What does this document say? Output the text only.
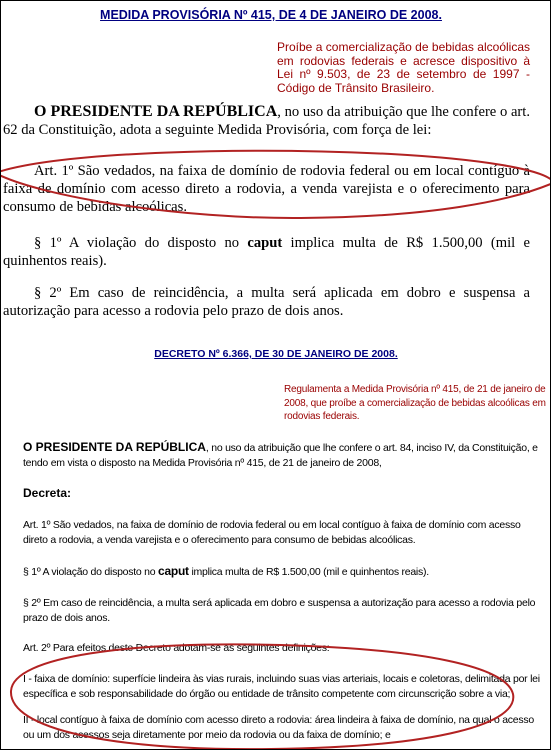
MEDIDA PROVISÓRIA Nº 415, DE 4 DE JANEIRO DE 2008.
Proíbe a comercialização de bebidas alcoólicas em rodovias federais e acresce dispositivo à Lei nº 9.503, de 23 de setembro de 1997 - Código de Trânsito Brasileiro.

O PRESIDENTE DA REPÚBLICA, no uso da atribuição que lhe confere o art. 62 da Constituição, adota a seguinte Medida Provisória, com força de lei:

Art. 1º São vedados, na faixa de domínio de rodovia federal ou em local contíguo à faixa de domínio com acesso direto a rodovia, a venda varejista e o oferecimento para consumo de bebidas alcoólicas.

§ 1º A violação do disposto no caput implica multa de R$ 1.500,00 (mil e quinhentos reais).

§ 2º Em caso de reincidência, a multa será aplicada em dobro e suspensa a autorização para acesso a rodovia pelo prazo de dois anos.

DECRETO Nº 6.366, DE 30 DE JANEIRO DE 2008.
Regulamenta a Medida Provisória nº 415, de 21 de janeiro de 2008, que proíbe a comercialização de bebidas alcoólicas em rodovias federais.

O PRESIDENTE DA REPÚBLICA, no uso da atribuição que lhe confere o art. 84, inciso IV, da Constituição, e tendo em vista o disposto na Medida Provisória nº 415, de 21 de janeiro de 2008,

Decreta:

Art. 1º São vedados, na faixa de domínio de rodovia federal ou em local contíguo à faixa de domínio com acesso direto a rodovia, a venda varejista e o oferecimento para consumo de bebidas alcoólicas.

§ 1º A violação do disposto no caput implica multa de R$ 1.500,00 (mil e quinhentos reais).

§ 2º Em caso de reincidência, a multa será aplicada em dobro e suspensa a autorização para acesso a rodovia pelo prazo de dois anos.

Art. 2º Para efeitos deste Decreto adotam-se as seguintes definições:

I - faixa de domínio: superfície lindeira às vias rurais, incluindo suas vias arteriais, locais e coletoras, delimitada por lei específica e sob responsabilidade do órgão ou entidade de trânsito competente com circunscrição sobre a via;

II - local contíguo à faixa de domínio com acesso direto a rodovia: área lindeira à faixa de domínio, na qual o acesso ou um dos acessos seja diretamente por meio da rodovia ou da faixa de domínio; e
